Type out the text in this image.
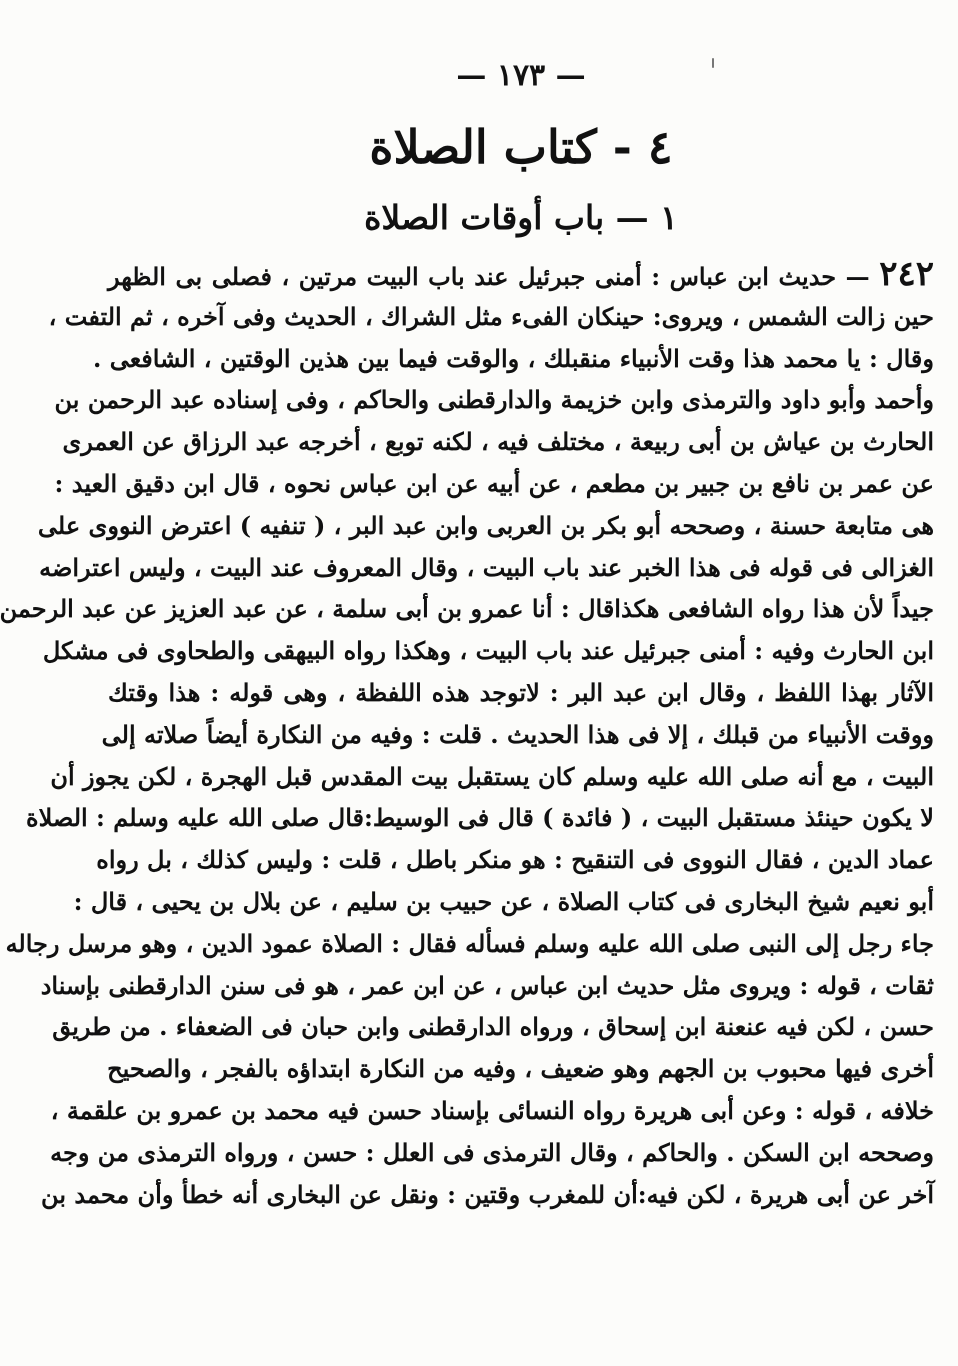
— ١٧٣ —
٤ - كتاب الصلاة
١ — باب أوقات الصلاة
٢٤٢ — حديث ابن عباس : أمنى جبرئيل عند باب البيت مرتين ، فصلى بى الظهر
حين زالت الشمس ، ويروى: حينكان الفىء مثل الشراك ، الحديث وفى آخره ، ثم التفت ،
وقال : يا محمد هذا وقت الأنبياء منقبلك ، والوقت فيما بين هذين الوقتين ، الشافعى .
وأحمد وأبو داود والترمذى وابن خزيمة والدارقطنى والحاكم ، وفى إسناده عبد الرحمن بن
الحارث بن عياش بن أبى ربيعة ، مختلف فيه ، لكنه توبع ، أخرجه عبد الرزاق عن العمرى
عن عمر بن نافع بن جبير بن مطعم ، عن أبيه عن ابن عباس نحوه ، قال ابن دقيق العيد :
هى متابعة حسنة ، وصححه أبو بكر بن العربى وابن عبد البر ، ( تنفيه ) اعترض النووى على
الغزالى فى قوله فى هذا الخبر عند باب البيت ، وقال المعروف عند البيت ، وليس اعتراضه
جيداً لأن هذا رواه الشافعى هكذاقال : أنا عمرو بن أبى سلمة ، عن عبد العزيز عن عبد الرحمن
ابن الحارث وفيه : أمنى جبرئيل عند باب البيت ، وهكذا رواه البيهقى والطحاوى فى مشكل
الآثار بهذا اللفظ ، وقال ابن عبد البر : لاتوجد هذه اللفظة ، وهى قوله : هذا وقتك
ووقت الأنبياء من قبلك ، إلا فى هذا الحديث . قلت : وفيه من النكارة أيضاً صلاته إلى
البيت ، مع أنه صلى الله عليه وسلم كان يستقبل بيت المقدس قبل الهجرة ، لكن يجوز أن
لا يكون حينئذ مستقبل البيت ، ( فائدة ) قال فى الوسيط:قال صلى الله عليه وسلم : الصلاة
عماد الدين ، فقال النووى فى التنقيح : هو منكر باطل ، قلت : وليس كذلك ، بل رواه
أبو نعيم شيخ البخارى فى كتاب الصلاة ، عن حبيب بن سليم ، عن بلال بن يحيى ، قال :
جاء رجل إلى النبى صلى الله عليه وسلم فسأله فقال : الصلاة عمود الدين ، وهو مرسل رجاله
ثقات ، قوله : ويروى مثل حديث ابن عباس ، عن ابن عمر ، هو فى سنن الدارقطنى بإسناد
حسن ، لكن فيه عنعنة ابن إسحاق ، ورواه الدارقطنى وابن حبان فى الضعفاء . من طريق
أخرى فيها محبوب بن الجهم وهو ضعيف ، وفيه من النكارة ابتداؤه بالفجر ، والصحيح
خلافه ، قوله : وعن أبى هريرة رواه النسائى بإسناد حسن فيه محمد بن عمرو بن علقمة ،
وصححه ابن السكن . والحاكم ، وقال الترمذى فى العلل : حسن ، ورواه الترمذى من وجه
آخر عن أبى هريرة ، لكن فيه:أن للمغرب وقتين : ونقل عن البخارى أنه خطأ وأن محمد بن
